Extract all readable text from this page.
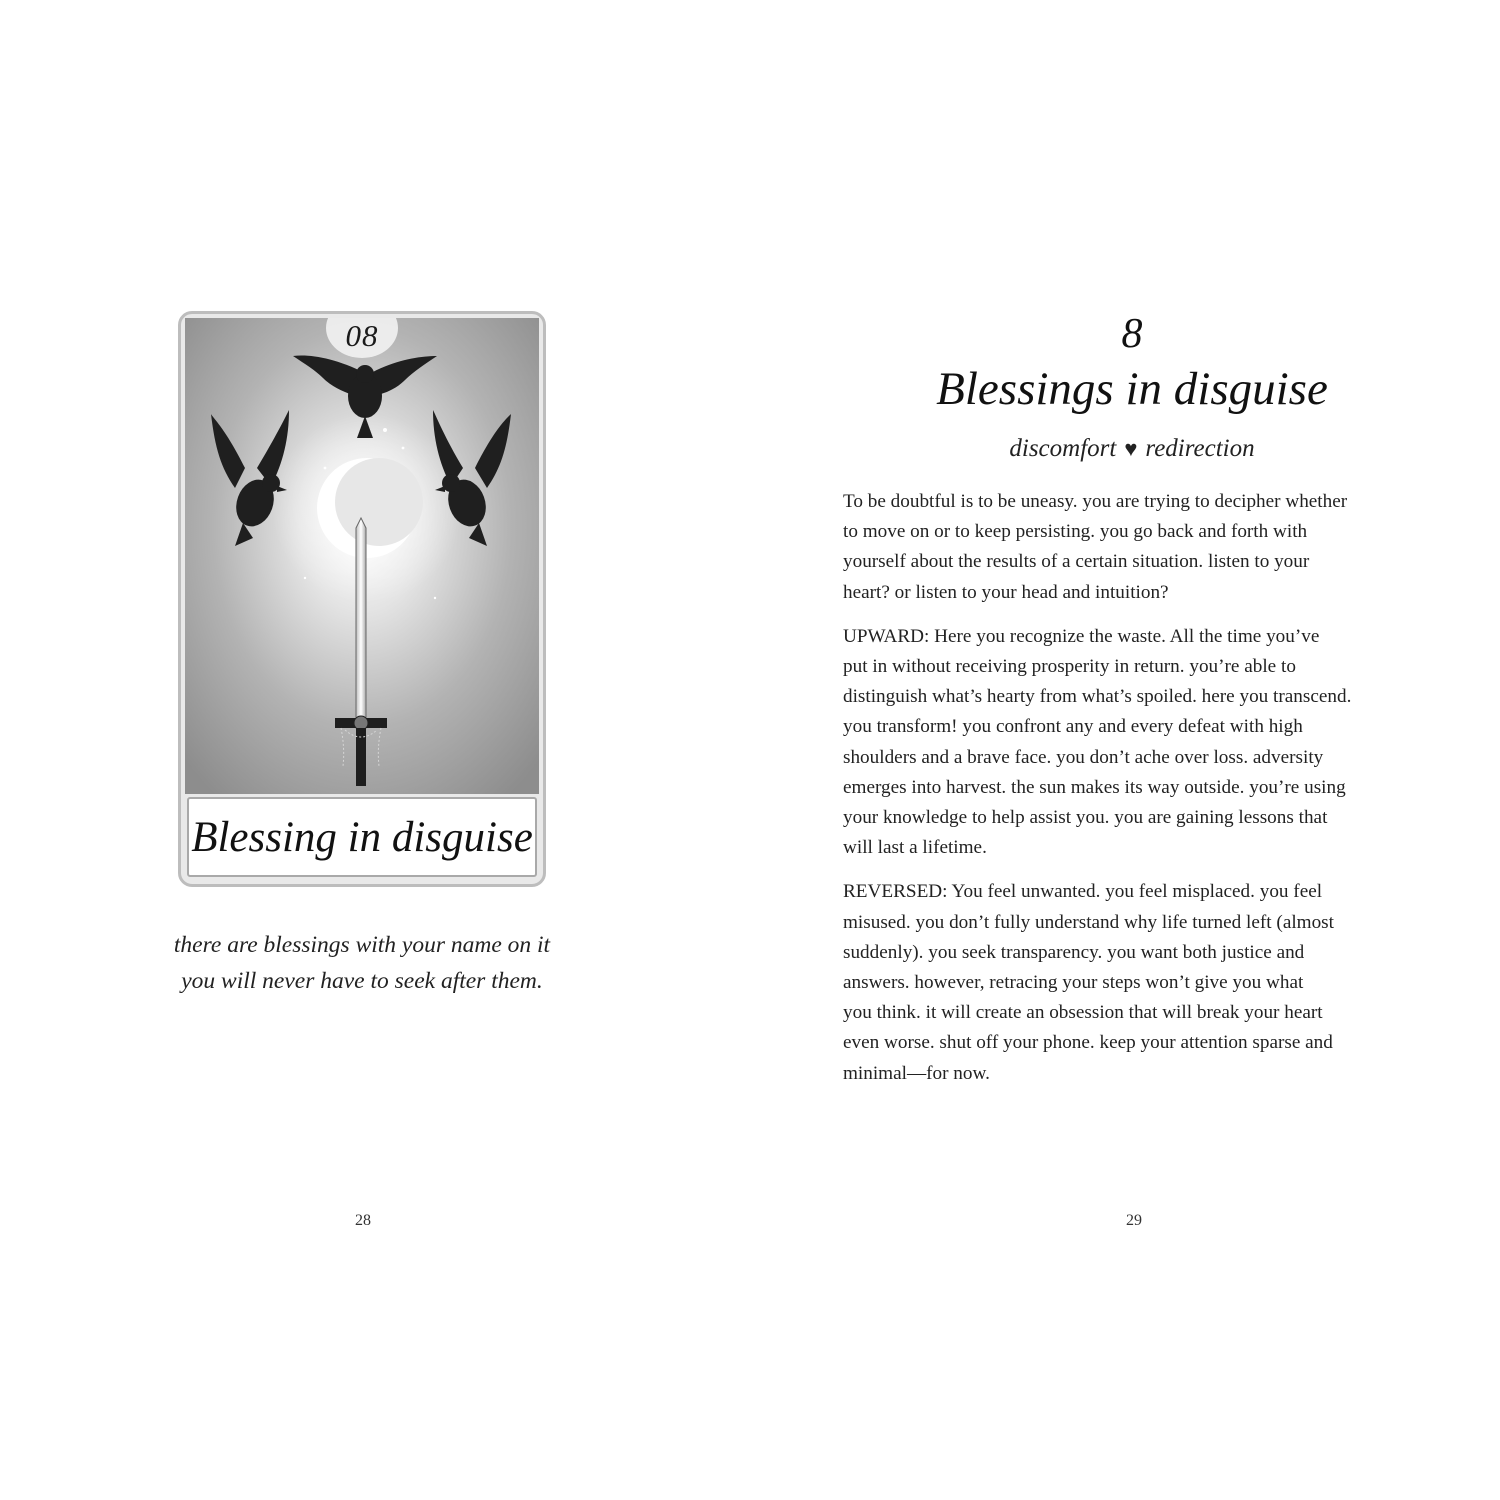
08
Blessing in disguise
there are blessings with your name on it
you will never have to seek after them.
28
8
Blessings in disguise
discomfort ♥ redirection

To be doubtful is to be uneasy. you are trying to decipher whether
to move on or to keep persisting. you go back and forth with
yourself about the results of a certain situation. listen to your
heart? or listen to your head and intuition?

UPWARD: Here you recognize the waste. All the time you’ve
put in without receiving prosperity in return. you’re able to
distinguish what’s hearty from what’s spoiled. here you transcend.
you transform! you confront any and every defeat with high
shoulders and a brave face. you don’t ache over loss. adversity
emerges into harvest. the sun makes its way outside. you’re using
your knowledge to help assist you. you are gaining lessons that
will last a lifetime.

REVERSED: You feel unwanted. you feel misplaced. you feel
misused. you don’t fully understand why life turned left (almost
suddenly). you seek transparency. you want both justice and
answers. however, retracing your steps won’t give you what
you think. it will create an obsession that will break your heart
even worse. shut off your phone. keep your attention sparse and
minimal—for now.

29
